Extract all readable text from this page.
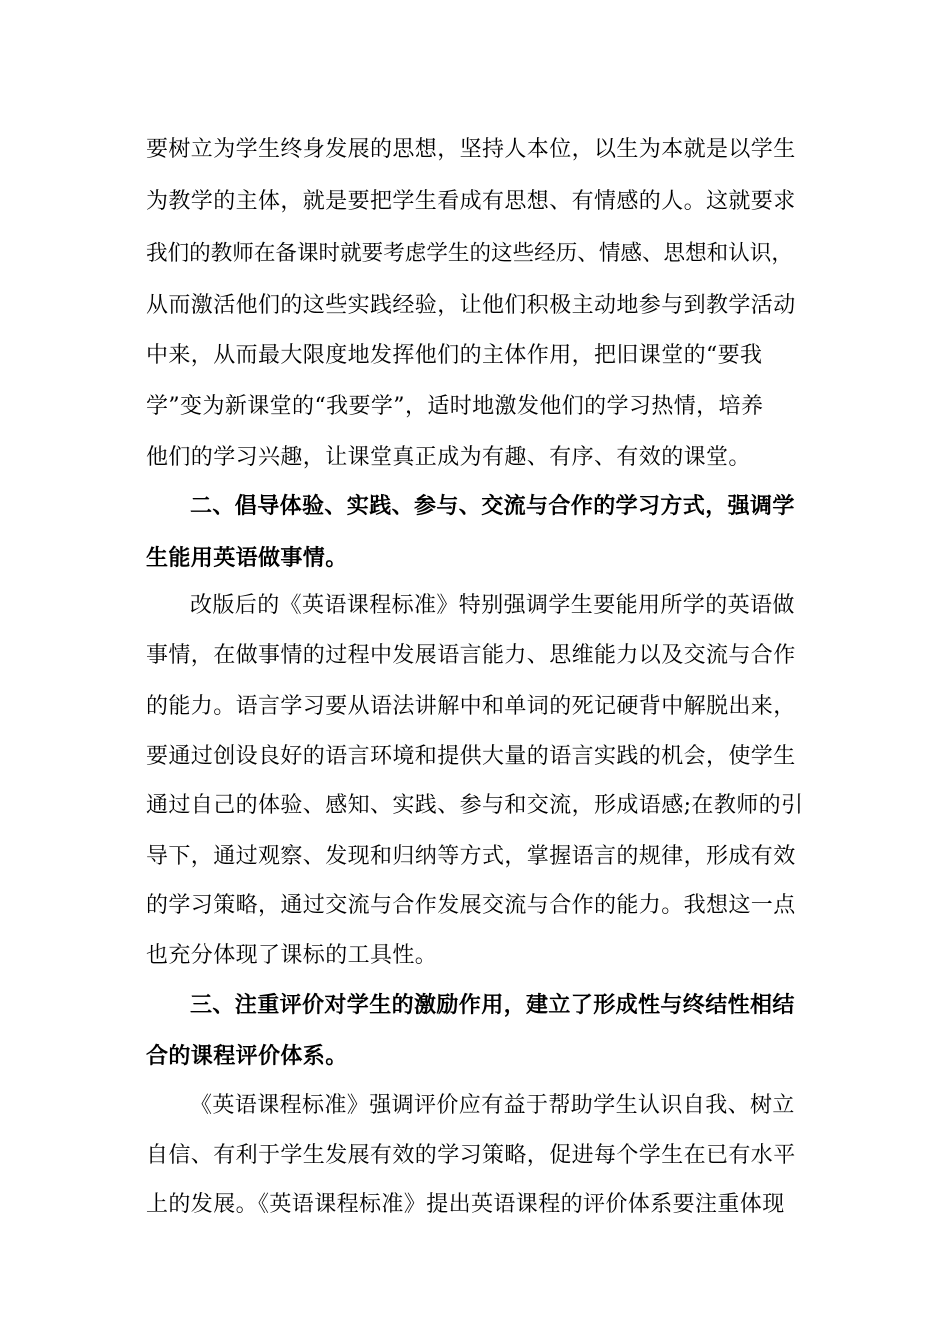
要树立为学生终身发展的思想，坚持人本位，以生为本就是以学生
为教学的主体，就是要把学生看成有思想、有情感的人。这就要求
我们的教师在备课时就要考虑学生的这些经历、情感、思想和认识，
从而激活他们的这些实践经验，让他们积极主动地参与到教学活动
中来，从而最大限度地发挥他们的主体作用，把旧课堂的“要我
学”变为新课堂的“我要学”，适时地激发他们的学习热情，培养
他们的学习兴趣，让课堂真正成为有趣、有序、有效的课堂。
二、倡导体验、实践、参与、交流与合作的学习方式，强调学
生能用英语做事情。
改版后的《英语课程标准》特别强调学生要能用所学的英语做
事情，在做事情的过程中发展语言能力、思维能力以及交流与合作
的能力。语言学习要从语法讲解中和单词的死记硬背中解脱出来，
要通过创设良好的语言环境和提供大量的语言实践的机会，使学生
通过自己的体验、感知、实践、参与和交流，形成语感;在教师的引
导下，通过观察、发现和归纳等方式，掌握语言的规律，形成有效
的学习策略，通过交流与合作发展交流与合作的能力。我想这一点
也充分体现了课标的工具性。
三、注重评价对学生的激励作用，建立了形成性与终结性相结
合的课程评价体系。
《英语课程标准》强调评价应有益于帮助学生认识自我、树立
自信、有利于学生发展有效的学习策略，促进每个学生在已有水平
上的发展。《英语课程标准》提出英语课程的评价体系要注重体现
